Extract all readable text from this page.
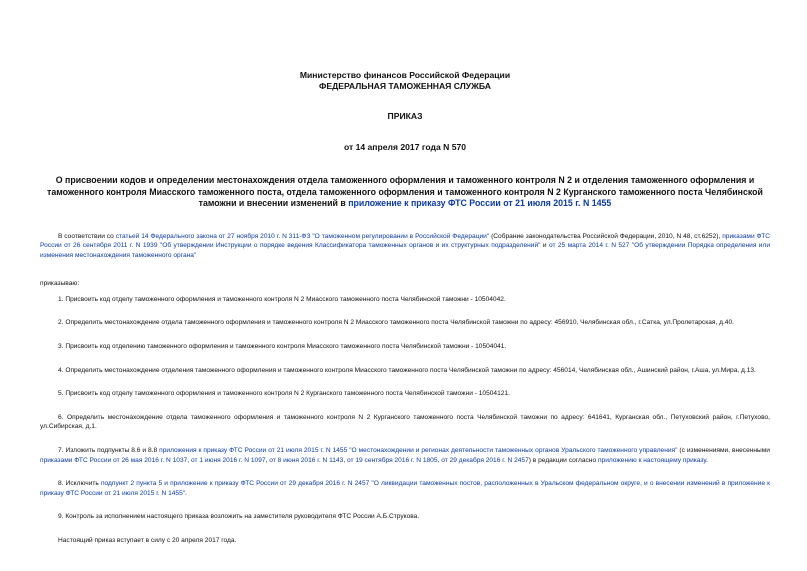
Министерство финансов Российской Федерации
ФЕДЕРАЛЬНАЯ ТАМОЖЕННАЯ СЛУЖБА
ПРИКАЗ
от 14 апреля 2017 года N 570
О присвоении кодов и определении местонахождения отдела таможенного оформления и таможенного контроля N 2 и отделения таможенного оформления и таможенного контроля Миасского таможенного поста, отдела таможенного оформления и таможенного контроля N 2 Курганского таможенного поста Челябинской таможни и внесении изменений в приложение к приказу ФТС России от 21 июля 2015 г. N 1455

В соответствии со статьей 14 Федерального закона от 27 ноября 2010 г. N 311-ФЗ "О таможенном регулировании в Российской Федерации" (Собрание законодательства Российской Федерации, 2010, N 48, ст.6252), приказами ФТС России от 26 сентября 2011 г. N 1939 "Об утверждении Инструкции о порядке ведения Классификатора таможенных органов и их структурных подразделений" и от 25 марта 2014 г. N 527 "Об утверждении Порядка определения или изменения местонахождения таможенного органа"

приказываю:

1. Присвоить код отделу таможенного оформления и таможенного контроля N 2 Миасского таможенного поста Челябинской таможни - 10504042.

2. Определить местонахождение отдела таможенного оформления и таможенного контроля N 2 Миасского таможенного поста Челябинской таможни по адресу: 456910, Челябинская обл., г.Сатка, ул.Пролетарская, д.40.

3. Присвоить код отделению таможенного оформления и таможенного контроля Миасского таможенного поста Челябинской таможни - 10504041.

4. Определить местонахождение отделения таможенного оформления и таможенного контроля Миасского таможенного поста Челябинской таможни по адресу: 456014, Челябинская обл., Ашинский район, г.Аша, ул.Мира, д.13.

5. Присвоить код отделу таможенного оформления и таможенного контроля N 2 Курганского таможенного поста Челябинской таможни - 10504121.

6. Определить местонахождение отдела таможенного оформления и таможенного контроля N 2 Курганского таможенного поста Челябинской таможни по адресу: 641641, Курганская обл., Петуховский район, г.Петухово, ул.Сибирская, д.1.

7. Изложить подпункты 8.6 и 8.8 приложения к приказу ФТС России от 21 июля 2015 г. N 1455 "О местонахождении и регионах деятельности таможенных органов Уральского таможенного управления" (с изменениями, внесенными приказами ФТС России от 26 мая 2016 г. N 1037, от 1 июня 2016 г. N 1097, от 8 июня 2016 г. N 1143, от 19 сентября 2016 г. N 1805, от 29 декабря 2016 г. N 2457) в редакции согласно приложению к настоящему приказу.

8. Исключить подпункт 2 пункта 5 и приложение к приказу ФТС России от 29 декабря 2016 г. N 2457 "О ликвидации таможенных постов, расположенных в Уральском федеральном округе, и о внесении изменений в приложение к приказу ФТС России от 21 июля 2015 г. N 1455".

9. Контроль за исполнением настоящего приказа возложить на заместителя руководителя ФТС России А.Б.Струкова.

Настоящий приказ вступает в силу с 20 апреля 2017 года.
